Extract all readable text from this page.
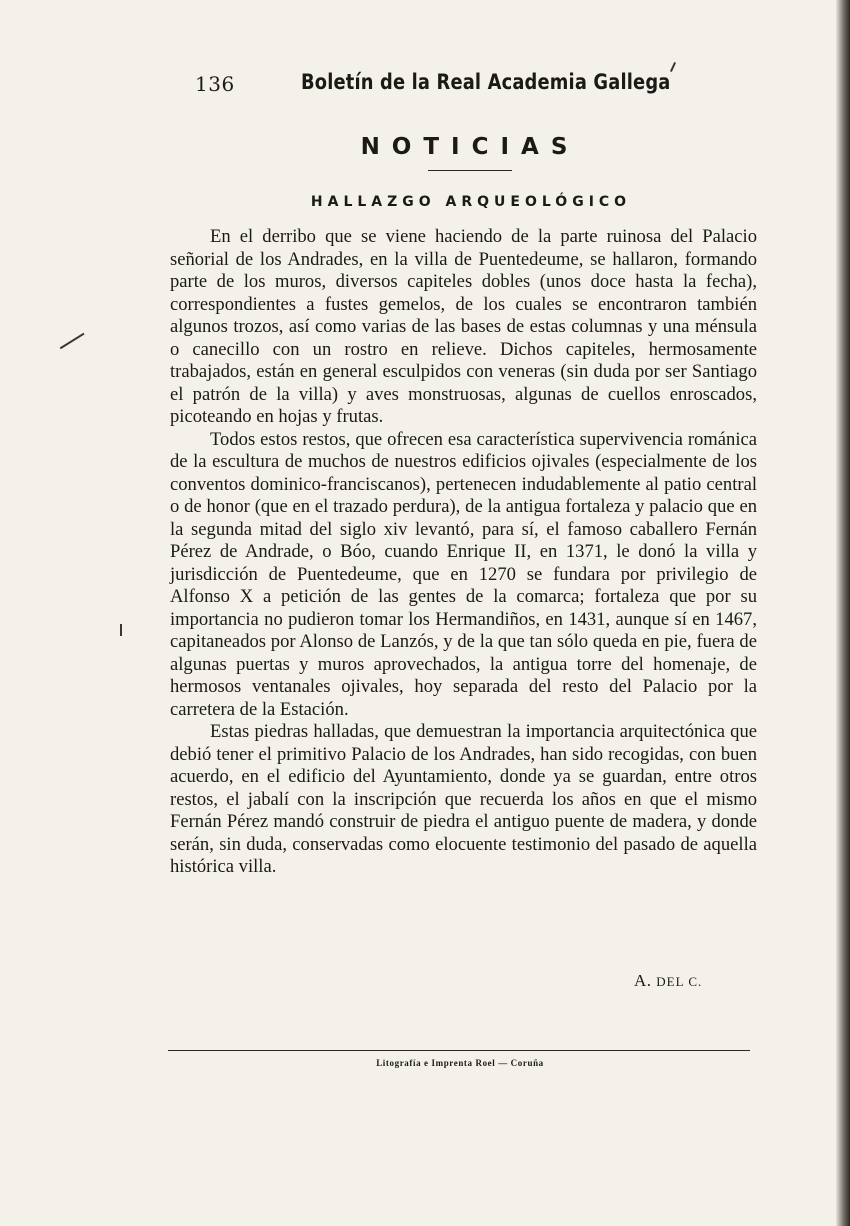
136	Boletín de la Real Academia Gallega
NOTICIAS
HALLAZGO ARQUEOLÓGICO

En el derribo que se viene haciendo de la parte ruinosa del Palacio señorial de los Andrades, en la villa de Puentedeume, se hallaron, formando parte de los muros, diversos capiteles dobles (unos doce hasta la fecha), correspondientes a fustes gemelos, de los cuales se encontraron también algunos trozos, así como varias de las bases de estas columnas y una ménsula o canecillo con un rostro en relieve. Dichos capiteles, hermosamente trabajados, están en general esculpidos con veneras (sin duda por ser Santiago el patrón de la villa) y aves monstruosas, algunas de cuellos enroscados, picoteando en hojas y frutas.

Todos estos restos, que ofrecen esa característica supervivencia románica de la escultura de muchos de nuestros edificios ojivales (especialmente de los conventos dominico-franciscanos), pertenecen indudablemente al patio central o de honor (que en el trazado perdura), de la antigua fortaleza y palacio que en la segunda mitad del siglo xiv levantó, para sí, el famoso caballero Fernán Pérez de Andrade, o Bóo, cuando Enrique II, en 1371, le donó la villa y jurisdicción de Puentedeume, que en 1270 se fundara por privilegio de Alfonso X a petición de las gentes de la comarca; fortaleza que por su importancia no pudieron tomar los Hermandiños, en 1431, aunque sí en 1467, capitaneados por Alonso de Lanzós, y de la que tan sólo queda en pie, fuera de algunas puertas y muros aprovechados, la antigua torre del homenaje, de hermosos ventanales ojivales, hoy separada del resto del Palacio por la carretera de la Estación.

Estas piedras halladas, que demuestran la importancia arquitectónica que debió tener el primitivo Palacio de los Andrades, han sido recogidas, con buen acuerdo, en el edificio del Ayuntamiento, donde ya se guardan, entre otros restos, el jabalí con la inscripción que recuerda los años en que el mismo Fernán Pérez mandó construir de piedra el antiguo puente de madera, y donde serán, sin duda, conservadas como elocuente testimonio del pasado de aquella histórica villa.

A. DEL C.
Litografía e Imprenta Roel — Coruña
